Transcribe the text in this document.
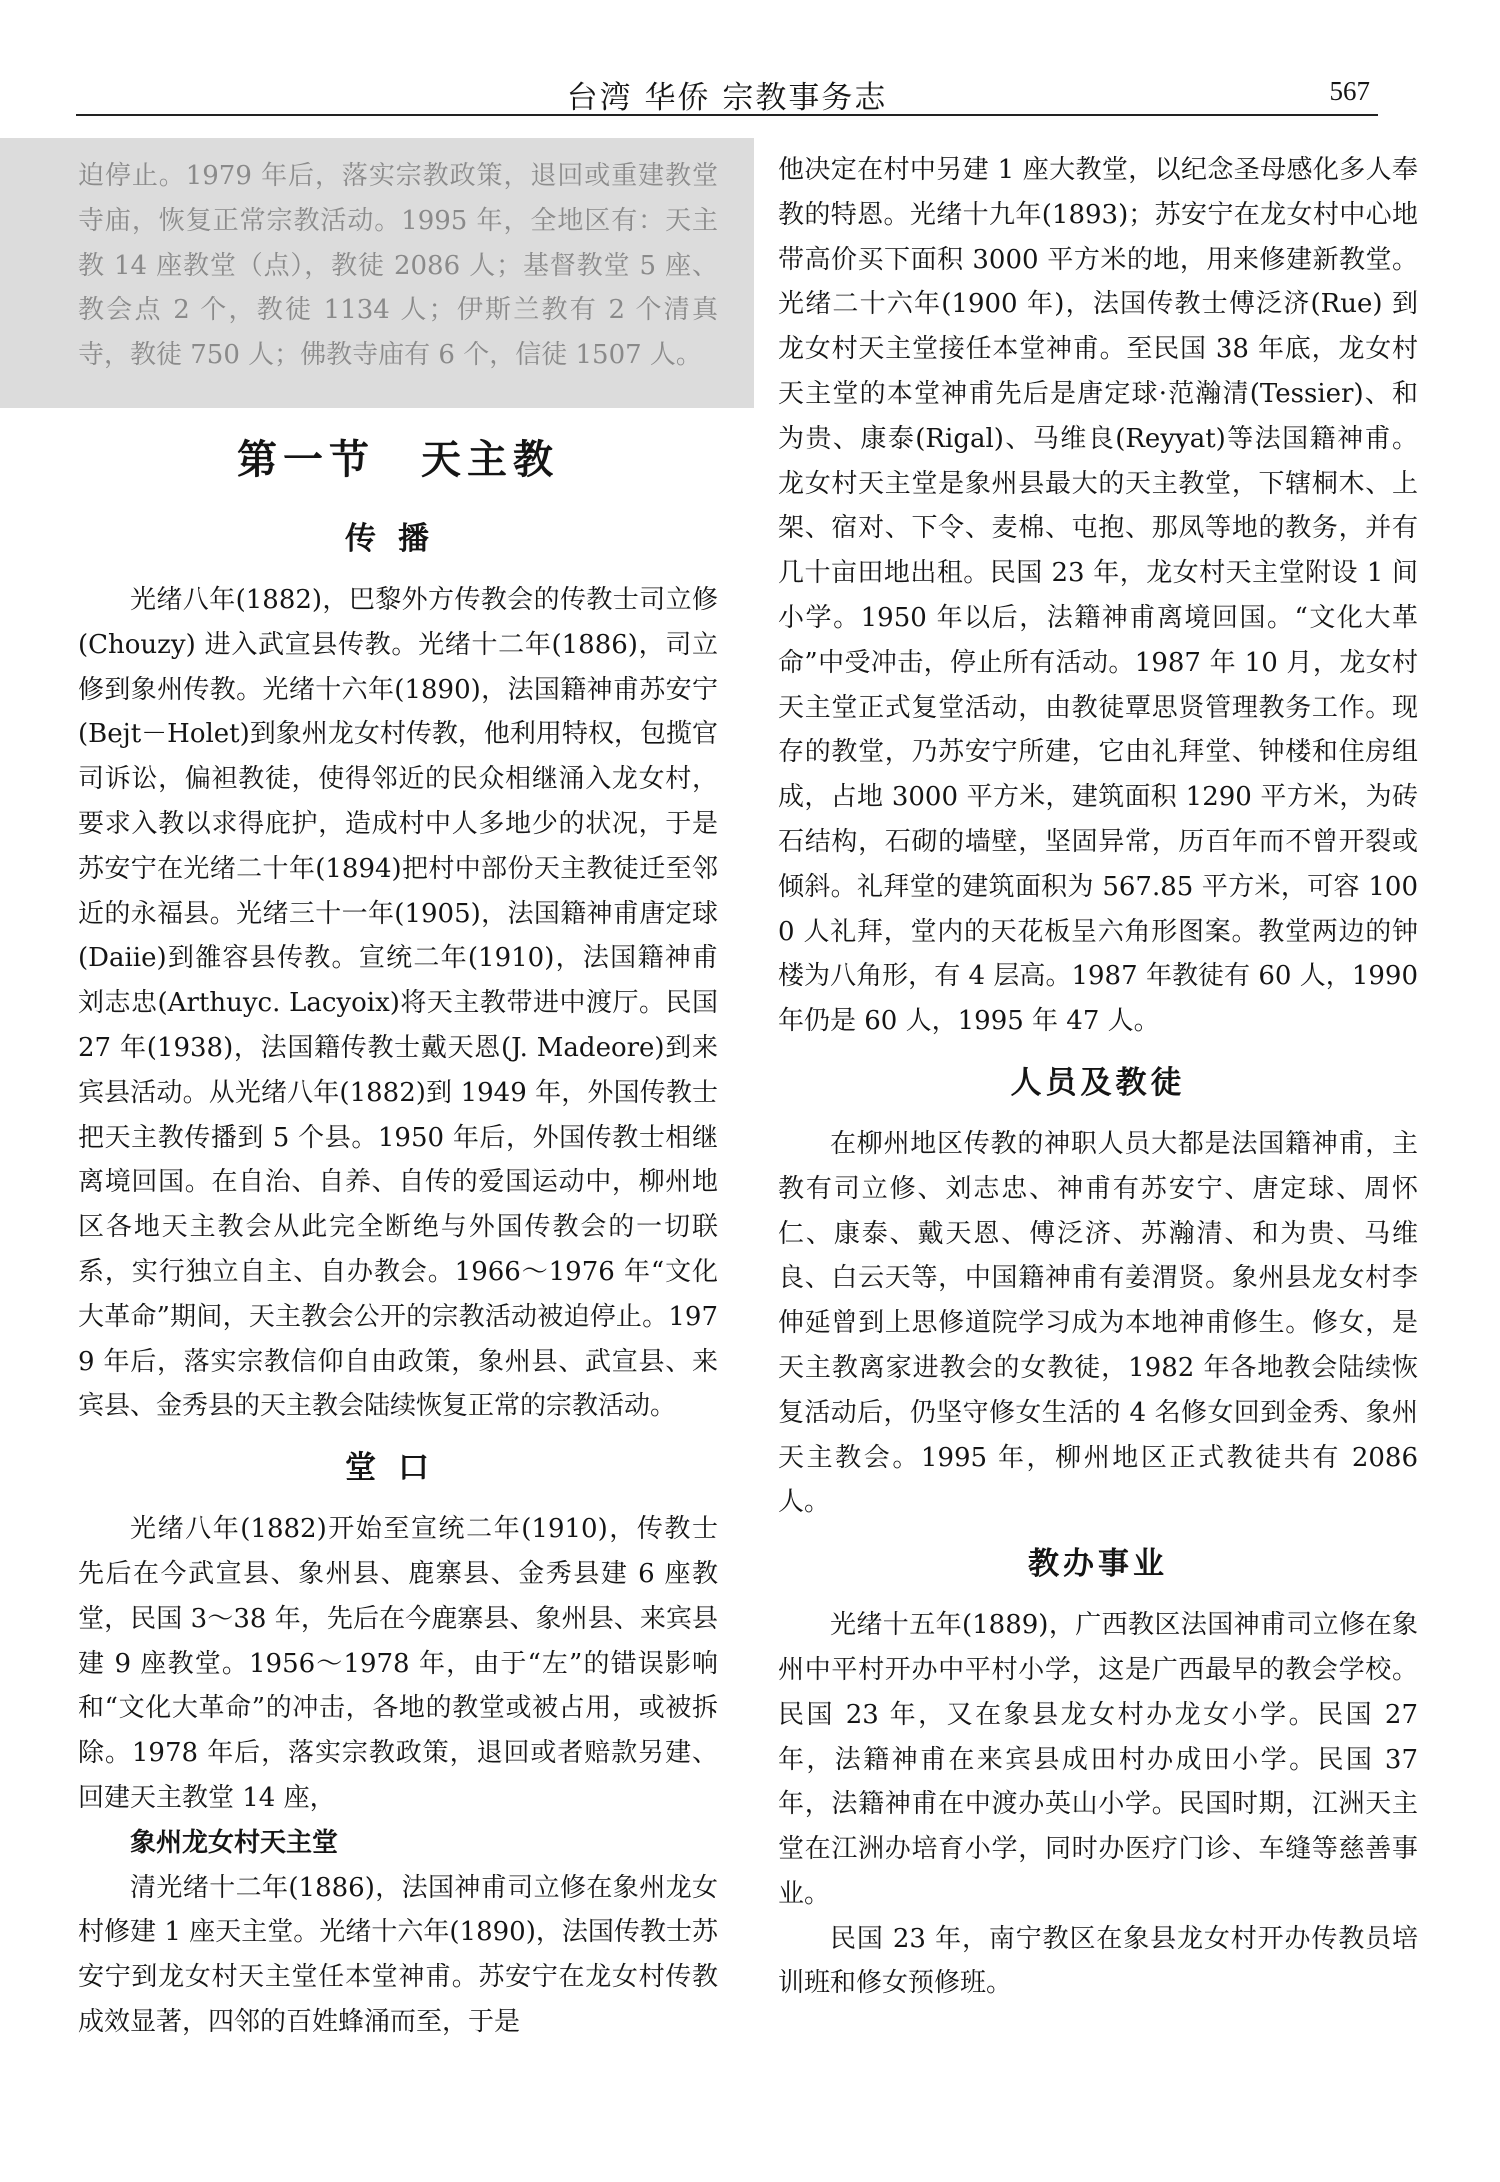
台湾 华侨 宗教事务志	567

迫停止。1979 年后，落实宗教政策，退回或重建教堂寺庙，恢复正常宗教活动。1995 年，全地区有：天主教 14 座教堂（点），教徒 2086 人；基督教堂 5 座、教会点 2 个，教徒 1134 人；伊斯兰教有 2 个清真寺，教徒 750 人；佛教寺庙有 6 个，信徒 1507 人。

第一节　天主教
传播

光绪八年(1882)，巴黎外方传教会的传教士司立修(Chouzy) 进入武宣县传教。光绪十二年(1886)，司立修到象州传教。光绪十六年(1890)，法国籍神甫苏安宁(Bejt－Holet)到象州龙女村传教，他利用特权，包揽官司诉讼，偏袒教徒，使得邻近的民众相继涌入龙女村，要求入教以求得庇护，造成村中人多地少的状况，于是苏安宁在光绪二十年(1894)把村中部份天主教徒迁至邻近的永福县。光绪三十一年(1905)，法国籍神甫唐定球(Daiie)到雒容县传教。宣统二年(1910)，法国籍神甫刘志忠(Arthuyc. Lacyoix)将天主教带进中渡厅。民国 27 年(1938)，法国籍传教士戴天恩(J. Madeore)到来宾县活动。从光绪八年(1882)到 1949 年，外国传教士把天主教传播到 5 个县。1950 年后，外国传教士相继离境回国。在自治、自养、自传的爱国运动中，柳州地区各地天主教会从此完全断绝与外国传教会的一切联系，实行独立自主、自办教会。1966～1976 年“文化大革命”期间，天主教会公开的宗教活动被迫停止。1979 年后，落实宗教信仰自由政策，象州县、武宣县、来宾县、金秀县的天主教会陆续恢复正常的宗教活动。

堂口

光绪八年(1882)开始至宣统二年(1910)，传教士先后在今武宣县、象州县、鹿寨县、金秀县建 6 座教堂，民国 3～38 年，先后在今鹿寨县、象州县、来宾县建 9 座教堂。1956～1978 年，由于“左”的错误影响和“文化大革命”的冲击，各地的教堂或被占用，或被拆除。1978 年后，落实宗教政策，退回或者赔款另建、回建天主教堂 14 座，

象州龙女村天主堂

清光绪十二年(1886)，法国神甫司立修在象州龙女村修建 1 座天主堂。光绪十六年(1890)，法国传教士苏安宁到龙女村天主堂任本堂神甫。苏安宁在龙女村传教成效显著，四邻的百姓蜂涌而至，于是

他决定在村中另建 1 座大教堂，以纪念圣母感化多人奉教的特恩。光绪十九年(1893)；苏安宁在龙女村中心地带高价买下面积 3000 平方米的地，用来修建新教堂。光绪二十六年(1900 年)，法国传教士傅泛济(Rue) 到龙女村天主堂接任本堂神甫。至民国 38 年底，龙女村天主堂的本堂神甫先后是唐定球·范瀚清(Tessier)、和为贵、康泰(Rigal)、马维良(Reyyat)等法国籍神甫。龙女村天主堂是象州县最大的天主教堂，下辖桐木、上架、宿对、下令、麦棉、屯抱、那凤等地的教务，并有几十亩田地出租。民国 23 年，龙女村天主堂附设 1 间小学。1950 年以后，法籍神甫离境回国。“文化大革命”中受冲击，停止所有活动。1987 年 10 月，龙女村天主堂正式复堂活动，由教徒覃思贤管理教务工作。现存的教堂，乃苏安宁所建，它由礼拜堂、钟楼和住房组成，占地 3000 平方米，建筑面积 1290 平方米，为砖石结构，石砌的墙壁，坚固异常，历百年而不曾开裂或倾斜。礼拜堂的建筑面积为 567.85 平方米，可容 1000 人礼拜，堂内的天花板呈六角形图案。教堂两边的钟楼为八角形，有 4 层高。1987 年教徒有 60 人，1990 年仍是 60 人，1995 年 47 人。

人员及教徒

在柳州地区传教的神职人员大都是法国籍神甫，主教有司立修、刘志忠、神甫有苏安宁、唐定球、周怀仁、康泰、戴天恩、傅泛济、苏瀚清、和为贵、马维良、白云天等，中国籍神甫有姜渭贤。象州县龙女村李伸延曾到上思修道院学习成为本地神甫修生。修女，是天主教离家进教会的女教徒，1982 年各地教会陆续恢复活动后，仍坚守修女生活的 4 名修女回到金秀、象州天主教会。1995 年，柳州地区正式教徒共有 2086 人。

教办事业

光绪十五年(1889)，广西教区法国神甫司立修在象州中平村开办中平村小学，这是广西最早的教会学校。民国 23 年，又在象县龙女村办龙女小学。民国 27 年，法籍神甫在来宾县成田村办成田小学。民国 37 年，法籍神甫在中渡办英山小学。民国时期，江洲天主堂在江洲办培育小学，同时办医疗门诊、车缝等慈善事业。

民国 23 年，南宁教区在象县龙女村开办传教员培训班和修女预修班。
